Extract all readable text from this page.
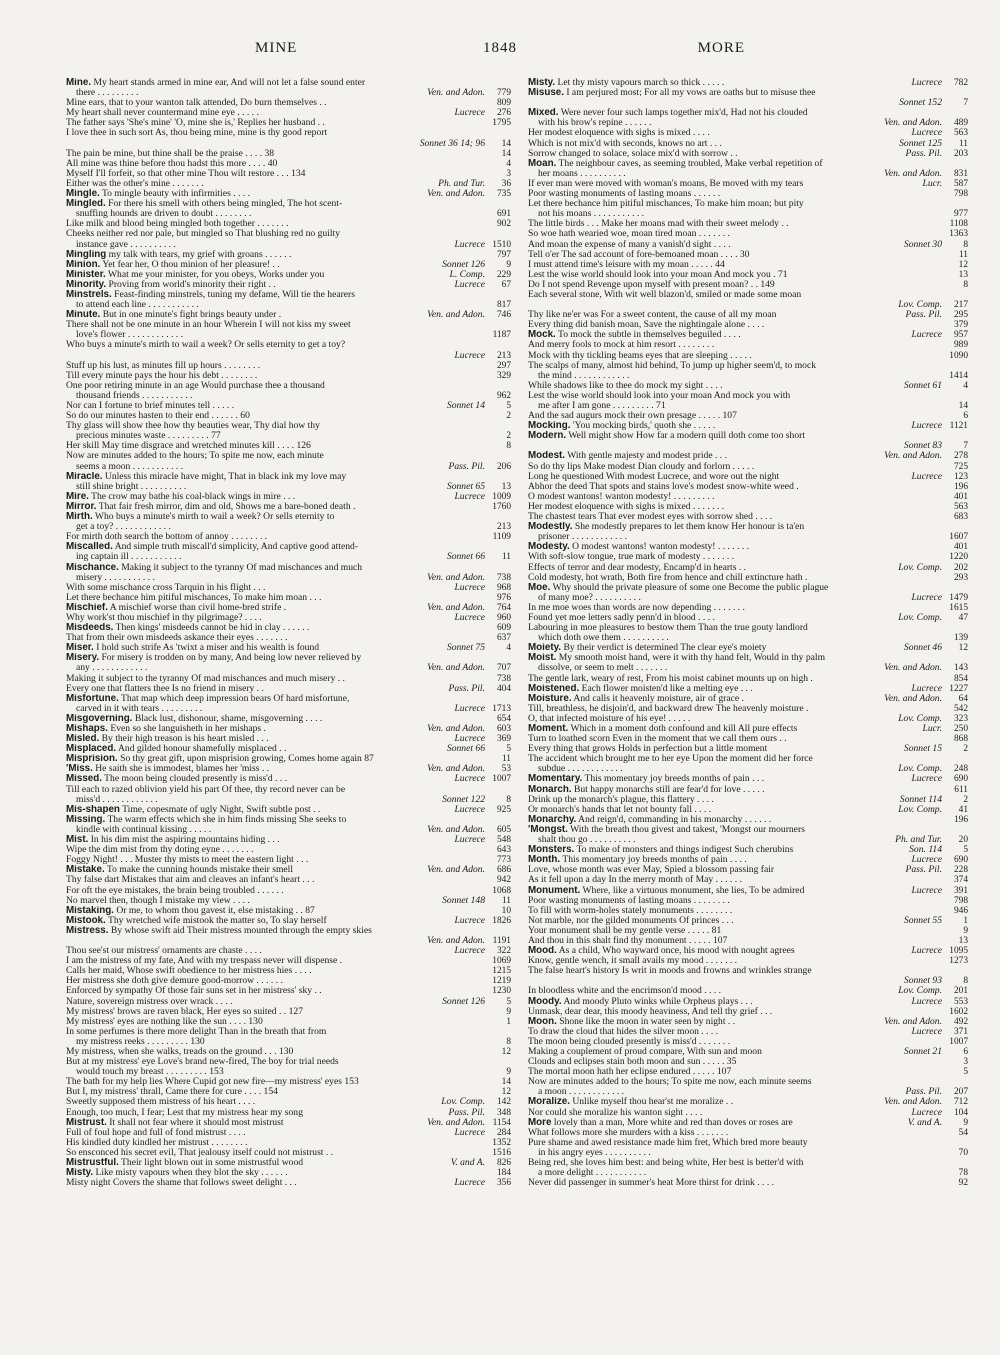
MINE	1848	MORE
Mine. My heart stands armed in mine ear, And will not let a false sound enter
there . . . . . . . . .	Ven. and Adon.	779
Mine ears, that to your wanton talk attended, Do burn themselves . .	809
My heart shall never countermand mine eye . . . . .	Lucrece	276
The father says 'She's mine' 'O, mine she is,' Replies her husband . .	1795
I love thee in such sort As, thou being mine, mine is thy good report
Sonnet 36 14; 96	14
The pain be mine, but thine shall be the praise . . . . 38	14
All mine was thine before thou hadst this more . . . . 40	4
Myself I'll forfeit, so that other mine Thou wilt restore . . . 134	3
Either was the other's mine . . . . . . .	Ph. and Tur.	36
Mingle. To mingle beauty with infirmities . . . .	Ven. and Adon.	735
Mingled. For there his smell with others being mingled, The hot scent-
snuffing hounds are driven to doubt . . . . . . . .	691
Like milk and blood being mingled both together . . . . . . .	902
Cheeks neither red nor pale, but mingled so That blushing red no guilty
instance gave . . . . . . . . . .	Lucrece 1510
Mingling my talk with tears, my grief with groans . . . . . .	797
Minion. Yet fear her, O thou minion of her pleasure! . .	Sonnet 126	9
Minister. What me your minister, for you obeys, Works under you	L. Comp.	229
Minority. Proving from world's minority their right . .	Lucrece	67
Minstrels. Feast-finding minstrels, tuning my defame, Will tie the hearers
to attend each line . . . . . . . . . . .	817
Minute. But in one minute's fight brings beauty under .	Ven. and Adon.	746
There shall not be one minute in an hour Wherein I will not kiss my sweet
love's flower . . . . . . . . . . . .	1187
Who buys a minute's mirth to wail a week? Or sells eternity to get a toy?
Lucrece	213
Stuff up his lust, as minutes fill up hours . . . . . . . .	297
Till every minute pays the hour his debt . . . . . . . .	329
One poor retiring minute in an age Would purchase thee a thousand
thousand friends . . . . . . . . . . .	962
Nor can I fortune to brief minutes tell . . . . .	Sonnet 14	5
So do our minutes hasten to their end . . . . . . 60	2
Thy glass will show thee how thy beauties wear, Thy dial how thy
precious minutes waste . . . . . . . . . 77	2
Her skill May time disgrace and wretched minutes kill . . . . 126	8
Now are minutes added to the hours; To spite me now, each minute
seems a moon . . . . . . . . . . .	Pass. Pil.	206
Miracle. Unless this miracle have might, That in black ink my love may
still shine bright . . . . . . . . . .	Sonnet 65	13
Mire. The crow may bathe his coal-black wings in mire . . .	Lucrece 1009
Mirror. That fair fresh mirror, dim and old, Shows me a bare-boned death .	1760
Mirth. Who buys a minute's mirth to wail a week? Or sells eternity to
get a toy? . . . . . . . . . . . .	213
For mirth doth search the bottom of annoy . . . . . . . .	1109
Miscalled. And simple truth miscall'd simplicity, And captive good attend-
ing captain ill . . . . . . . . . . .	Sonnet 66	11
Mischance. Making it subject to the tyranny Of mad mischances and much
misery . . . . . . . . . . .	Ven. and Adon.	738
With some mischance cross Tarquin in his flight . . .	Lucrece	968
Let there bechance him pitiful mischances, To make him moan . . .	976
Mischief. A mischief worse than civil home-bred strife .	Ven. and Adon.	764
Why work'st thou mischief in thy pilgrimage? . . . .	Lucrece	960
Misdeeds. Then kings' misdeeds cannot be hid in clay . . . . . .	609
That from their own misdeeds askance their eyes . . . . . . .	637
Miser. I hold such strife As 'twixt a miser and his wealth is found	Sonnet 75	4
Misery. For misery is trodden on by many, And being low never relieved by
any . . . . . . . . . . . .	Ven. and Adon.	707
Making it subject to the tyranny Of mad mischances and much misery . .	738
Every one that flatters thee Is no friend in misery . .	Pass. Pil.	404
Misfortune. That map which deep impression bears Of hard misfortune,
carved in it with tears . . . . . . . . .	Lucrece 1713
Misgoverning. Black lust, dishonour, shame, misgoverning . . . .	654
Mishaps. Even so she languisheth in her mishaps .	Ven. and Adon.	603
Misled. By their high treason is his heart misled . . .	Lucrece	369
Misplaced. And gilded honour shamefully misplaced . .	Sonnet 66	5
Misprision. So thy great gift, upon misprision growing, Comes home again 87	11
'Miss. He saith she is immodest, blames her 'miss . .	Ven. and Adon.	53
Missed. The moon being clouded presently is miss'd . . .	Lucrece 1007
Till each to razed oblivion yield his part Of thee, thy record never can be
miss'd . . . . . . . . . . . .	Sonnet 122	8
Mis-shapen Time, copesmate of ugly Night, Swift subtle post . .	Lucrece	925
Missing. The warm effects which she in him finds missing She seeks to
kindle with continual kissing . . . . .	Ven. and Adon.	605
Mist. In his dim mist the aspiring mountains hiding . . .	Lucrece	548
Wipe the dim mist from thy doting eyne . . . . . . .	643
Foggy Night! . . . Muster thy mists to meet the eastern light . . .	773
Mistake. To make the cunning hounds mistake their smell	Ven. and Adon.	686
Thy false dart Mistakes that aim and cleaves an infant's heart . . .	942
For oft the eye mistakes, the brain being troubled . . . . . .	1068
No marvel then, though I mistake my view . . . .	Sonnet 148	11
Mistaking. Or me, to whom thou gavest it, else mistaking . . 87	10
Mistook. Thy wretched wife mistook the matter so, To slay herself	Lucrece 1826
Mistress. By whose swift aid Their mistress mounted through the empty skies
Ven. and Adon. 1191
Thou see'st our mistress' ornaments are chaste . . . .	Lucrece	322
I am the mistress of my fate, And with my trespass never will dispense .	1069
Calls her maid, Whose swift obedience to her mistress hies . . . .	1215
Her mistress she doth give demure good-morrow . . . . . .	1219
Enforced by sympathy Of those fair suns set in her mistress' sky . .	1230
Nature, sovereign mistress over wrack . . . .	Sonnet 126	5
My mistress' brows are raven black, Her eyes so suited . . 127	9
My mistress' eyes are nothing like the sun . . . . 130	1
In some perfumes is there more delight Than in the breath that from
my mistress reeks . . . . . . . . . 130	8
My mistress, when she walks, treads on the ground . . . 130	12
But at my mistress' eye Love's brand new-fired, The boy for trial needs
would touch my breast . . . . . . . . . 153	9
The bath for my help lies Where Cupid got new fire—my mistress' eyes 153	14
But I, my mistress' thrall, Came there for cure . . . . 154	12
Sweetly supposed them mistress of his heart . . . .	Lov. Comp.	142
Enough, too much, I fear; Lest that my mistress hear my song	Pass. Pil.	348
Mistrust. It shall not fear where it should most mistrust	Ven. and Adon. 1154
Full of foul hope and full of fond mistrust . . . .	Lucrece	284
His kindled duty kindled her mistrust . . . . . . . .	1352
So ensconced his secret evil, That jealousy itself could not mistrust . .	1516
Mistrustful. Their light blown out in some mistrustful wood	V. and A.	826
Misty. Like misty vapours when they blot the sky . . . . . .	184
Misty night Covers the shame that follows sweet delight . . .	Lucrece	356
Misty. Let thy misty vapours march so thick . . . . .	Lucrece	782
Misuse. I am perjured most; For all my vows are oaths but to misuse thee
Sonnet 152	7
Mixed. Were never four such lamps together mix'd, Had not his clouded
with his brow's repine . . . . . .	Ven. and Adon.	489
Her modest eloquence with sighs is mixed . . . .	Lucrece	563
Which is not mix'd with seconds, knows no art . . .	Sonnet 125	11
Sorrow changed to solace, solace mix'd with sorrow . .	Pass. Pil.	203
Moan. The neighbour caves, as seeming troubled, Make verbal repetition of
her moans . . . . . . . . . .	Ven. and Adon.	831
If ever man were moved with woman's moans, Be moved with my tears	Lucr.	587
Poor wasting monuments of lasting moans . . . . . .	798
Let there bechance him pitiful mischances, To make him moan; but pity
not his moans . . . . . . . . . . .	977
The little birds . . . Make her moans mad with their sweet melody . .	1108
So woe hath wearied woe, moan tired moan . . . . . . .	1363
And moan the expense of many a vanish'd sight . . . .	Sonnet 30	8
Tell o'er The sad account of fore-bemoaned moan . . . . 30	11
I must attend time's leisure with my moan . . . . . 44	12
Lest the wise world should look into your moan And mock you . 71	13
Do I not spend Revenge upon myself with present moan? . . 149	8
Each several stone, With wit well blazon'd, smiled or made some moan
Lov. Comp.	217
Thy like ne'er was For a sweet content, the cause of all my moan	Pass. Pil.	295
Every thing did banish moan, Save the nightingale alone . . . .	379
Mock. To mock the subtle in themselves beguiled . . . .	Lucrece	957
And merry fools to mock at him resort . . . . . . . .	989
Mock with thy tickling beams eyes that are sleeping . . . . .	1090
The scalps of many, almost hid behind, To jump up higher seem'd, to mock
the mind . . . . . . . . . . . .	1414
While shadows like to thee do mock my sight . . . .	Sonnet 61	4
Lest the wise world should look into your moan And mock you with
me after I am gone . . . . . . . . . 71	14
And the sad augurs mock their own presage . . . . . 107	6
Mocking. 'You mocking birds,' quoth she . . . . .	Lucrece 1121
Modern. Well might show How far a modern quill doth come too short
Sonnet 83	7
Modest. With gentle majesty and modest pride . . .	Ven. and Adon.	278
So do thy lips Make modest Dian cloudy and forlorn . . . . .	725
Long he questioned With modest Lucrece, and wore out the night	Lucrece	123
Abhor the deed That spots and stains love's modest snow-white weed .	196
O modest wantons! wanton modesty! . . . . . . . . .	401
Her modest eloquence with sighs is mixed . . . . . . .	563
The chastest tears That ever modest eyes with sorrow shed . . . .	683
Modestly. She modestly prepares to let them know Her honour is ta'en
prisoner . . . . . . . . . . . .	1607
Modesty. O modest wantons! wanton modesty! . . . . . . .	401
With soft-slow tongue, true mark of modesty . . . . . . .	1220
Effects of terror and dear modesty, Encamp'd in hearts . .	Lov. Comp.	202
Cold modesty, hot wrath, Both fire from hence and chill extincture hath .	293
Moe. Why should the private pleasure of some one Become the public plague
of many moe? . . . . . . . . . .	Lucrece 1479
In me moe woes than words are now depending . . . . . . .	1615
Found yet moe letters sadly penn'd in blood . . . .	Lov. Comp.	47
Labouring in moe pleasures to bestow them Than the true gouty landlord
which doth owe them . . . . . . . . . .	139
Moiety. By their verdict is determined The clear eye's moiety	Sonnet 46	12
Moist. My smooth moist hand, were it with thy hand felt, Would in thy palm
dissolve, or seem to melt . . . . . . .	Ven. and Adon.	143
The gentle lark, weary of rest, From his moist cabinet mounts up on high .	854
Moistened. Each flower moisten'd like a melting eye . . .	Lucrece 1227
Moisture. And calls it heavenly moisture, air of grace .	Ven. and Adon.	64
Till, breathless, he disjoin'd, and backward drew The heavenly moisture .	542
O, that infected moisture of his eye! . . . . .	Lov. Comp.	323
Moment. Which in a moment doth confound and kill All pure effects	Lucr.	250
Turn to loathed scorn Even in the moment that we call them ours . .	868
Every thing that grows Holds in perfection but a little moment	Sonnet 15	2
The accident which brought me to her eye Upon the moment did her force
subdue . . . . . . . . . . . .	Lov. Comp.	248
Momentary. This momentary joy breeds months of pain . . .	Lucrece	690
Monarch. But happy monarchs still are fear'd for love . . . . .	611
Drink up the monarch's plague, this flattery . . . .	Sonnet 114	2
Or monarch's hands that let not bounty fall . . . .	Lov. Comp.	41
Monarchy. And reign'd, commanding in his monarchy . . . . . .	196
'Mongst. With the breath thou givest and takest, 'Mongst our mourners
shalt thou go . . . . . . . . . .	Ph. and Tur.	20
Monsters. To make of monsters and things indigest Such cherubins	Son. 114	5
Month. This momentary joy breeds months of pain . . . .	Lucrece	690
Love, whose month was ever May, Spied a blossom passing fair	Pass. Pil.	228
As it fell upon a day In the merry month of May . . . . . .	374
Monument. Where, like a virtuous monument, she lies, To be admired	Lucrece	391
Poor wasting monuments of lasting moans . . . . . . . .	798
To fill with worm-holes stately monuments . . . . . . . .	946
Not marble, nor the gilded monuments Of princes . . .	Sonnet 55	1
Your monument shall be my gentle verse . . . . . 81	9
And thou in this shalt find thy monument . . . . . 107	13
Mood. As a child, Who wayward once, his mood with nought agrees	Lucrece 1095
Know, gentle wench, it small avails my mood . . . . . . .	1273
The false heart's history Is writ in moods and frowns and wrinkles strange
Sonnet 93	8
In bloodless white and the encrimson'd mood . . . .	Lov. Comp.	201
Moody. And moody Pluto winks while Orpheus plays . . .	Lucrece	553
Unmask, dear dear, this moody heaviness, And tell thy grief . . .	1602
Moon. Shone like the moon in water seen by night . .	Ven. and Adon.	492
To draw the cloud that hides the silver moon . . . .	Lucrece	371
The moon being clouded presently is miss'd . . . . . . .	1007
Making a couplement of proud compare, With sun and moon	Sonnet 21	6
Clouds and eclipses stain both moon and sun . . . . . 35	3
The mortal moon hath her eclipse endured . . . . . 107	5
Now are minutes added to the hours; To spite me now, each minute seems
a moon . . . . . . . . . . . .	Pass. Pil.	207
Moralize. Unlike myself thou hear'st me moralize . .	Ven. and Adon.	712
Nor could she moralize his wanton sight . . . .	Lucrece	104
More lovely than a man, More white and red than doves or roses are	V. and A.	9
What follows more she murders with a kiss . . . . . . .	54
Pure shame and awed resistance made him fret, Which bred more beauty
in his angry eyes . . . . . . . . . .	70
Being red, she loves him best: and being white, Her best is better'd with
a more delight . . . . . . . . . . .	78
Never did passenger in summer's heat More thirst for drink . . . .	92
